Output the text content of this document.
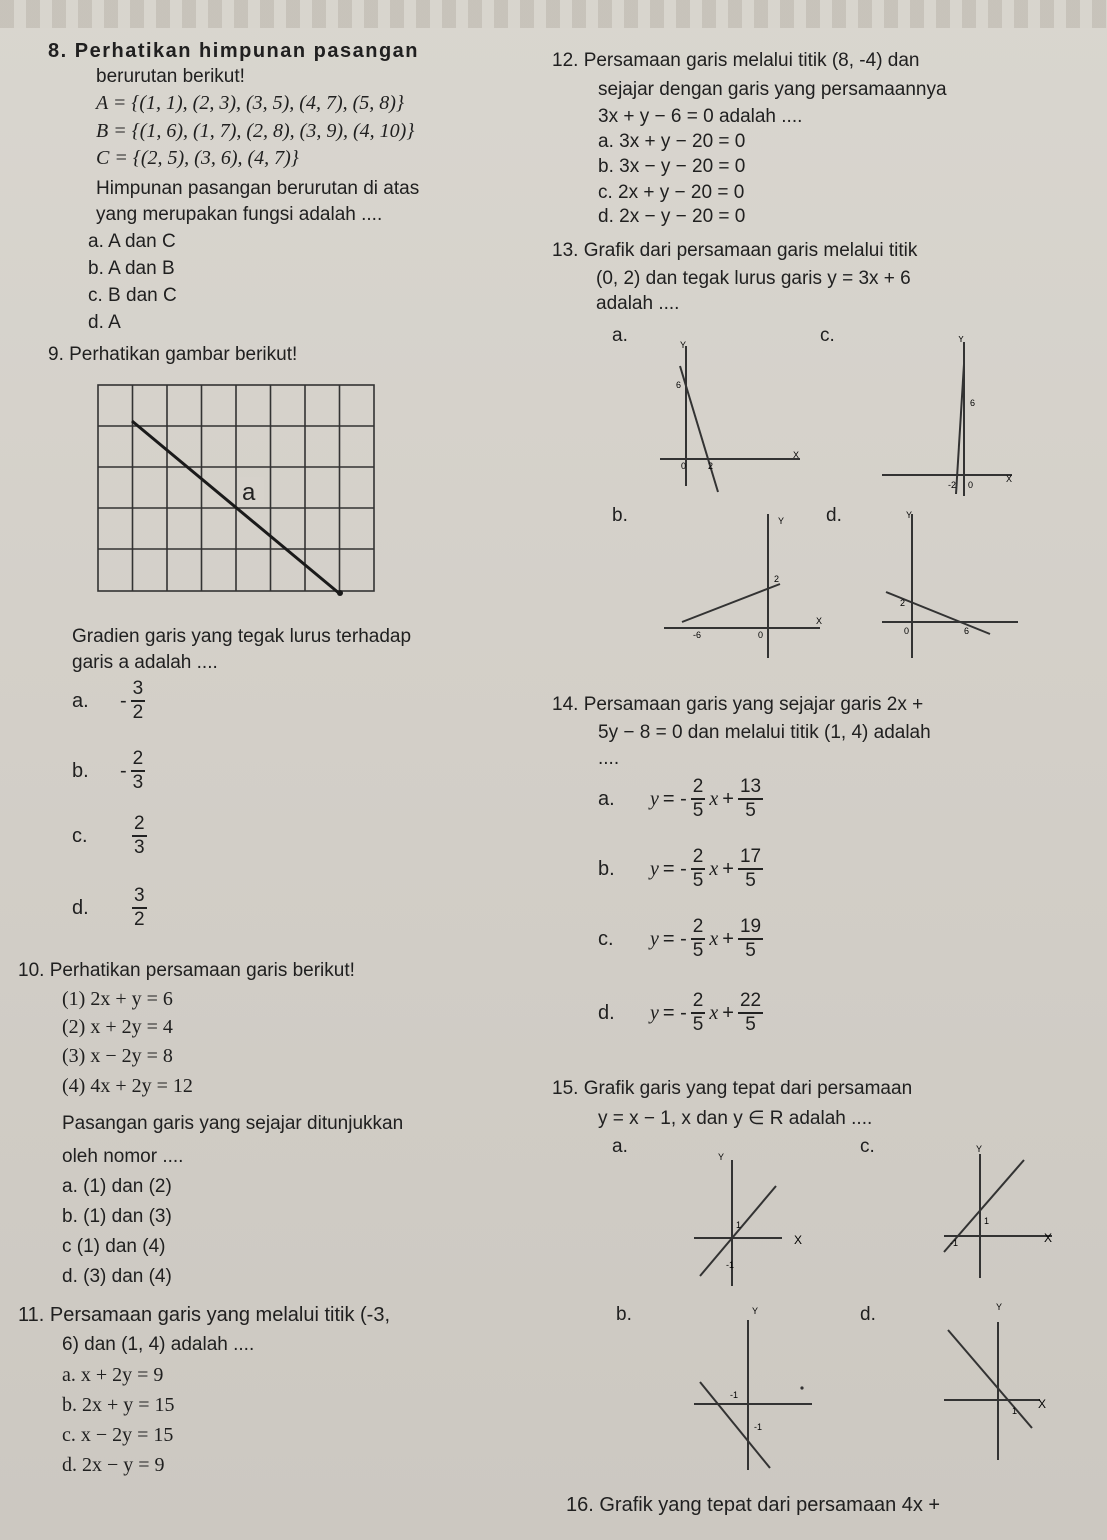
8. Perhatikan himpunan pasangan
berurutan berikut!
A = {(1, 1), (2, 3), (3, 5), (4, 7), (5, 8)}
B = {(1, 6), (1, 7), (2, 8), (3, 9), (4, 10)}
C = {(2, 5), (3, 6), (4, 7)}
Himpunan pasangan berurutan di atas
yang merupakan fungsi adalah ....
a. A dan C
b. A dan B
c. B dan C
d. A
9. Perhatikan gambar berikut!
a
Gradien garis yang tegak lurus terhadap
garis a adalah ....
a.	- $\frac{3}{2}$
b.	- $\frac{2}{3}$
c.	$\frac{2}{3}$
d.	$\frac{3}{2}$
10. Perhatikan persamaan garis berikut!
(1) 2x + y = 6
(2) x + 2y = 4
(3) x − 2y = 8
(4) 4x + 2y = 12
Pasangan garis yang sejajar ditunjukkan
oleh nomor ....
a. (1) dan (2)
b. (1) dan (3)
c (1) dan (4)
d. (3) dan (4)
11. Persamaan garis yang melalui titik (-3,
6) dan (1, 4) adalah ....
a. x + 2y = 9
b. 2x + y = 15
c. x − 2y = 15
d. 2x − y = 9
12. Persamaan garis melalui titik (8, -4) dan
sejajar dengan garis yang persamaannya
3x + y − 6 = 0 adalah ....
a. 3x + y − 20 = 0
b. 3x − y − 20 = 0
c. 2x + y − 20 = 0
d. 2x − y − 20 = 0
13. Grafik dari persamaan garis melalui titik
(0, 2) dan tegak lurus garis y = 3x + 6
adalah ....
a.	Y
X
6
0 2
c.	Y
X
6
-2 0
b.	Y
X
2
-6	0
d.	Y
2
0	6
14. Persamaan garis yang sejajar garis 2x +
5y − 8 = 0 dan melalui titik (1, 4) adalah
....
a.	y = - $\frac{2}{5}$ $x + \frac{13}{5}$
b.	y = - $\frac{2}{5}$ $x + \frac{17}{5}$
c.	y = - $\frac{2}{5}$ $x + \frac{19}{5}$
d.	y = - $\frac{2}{5}$ $x + \frac{22}{5}$
15. Grafik garis yang tepat dari persamaan
y = x − 1, x dan y ∈ R adalah ....
a.	Y
X
1
-1
c.	Y
X
1
-1
b.	Y
-1
-1
d.	Y
X
1
16. Grafik yang tepat dari persamaan 4x +
